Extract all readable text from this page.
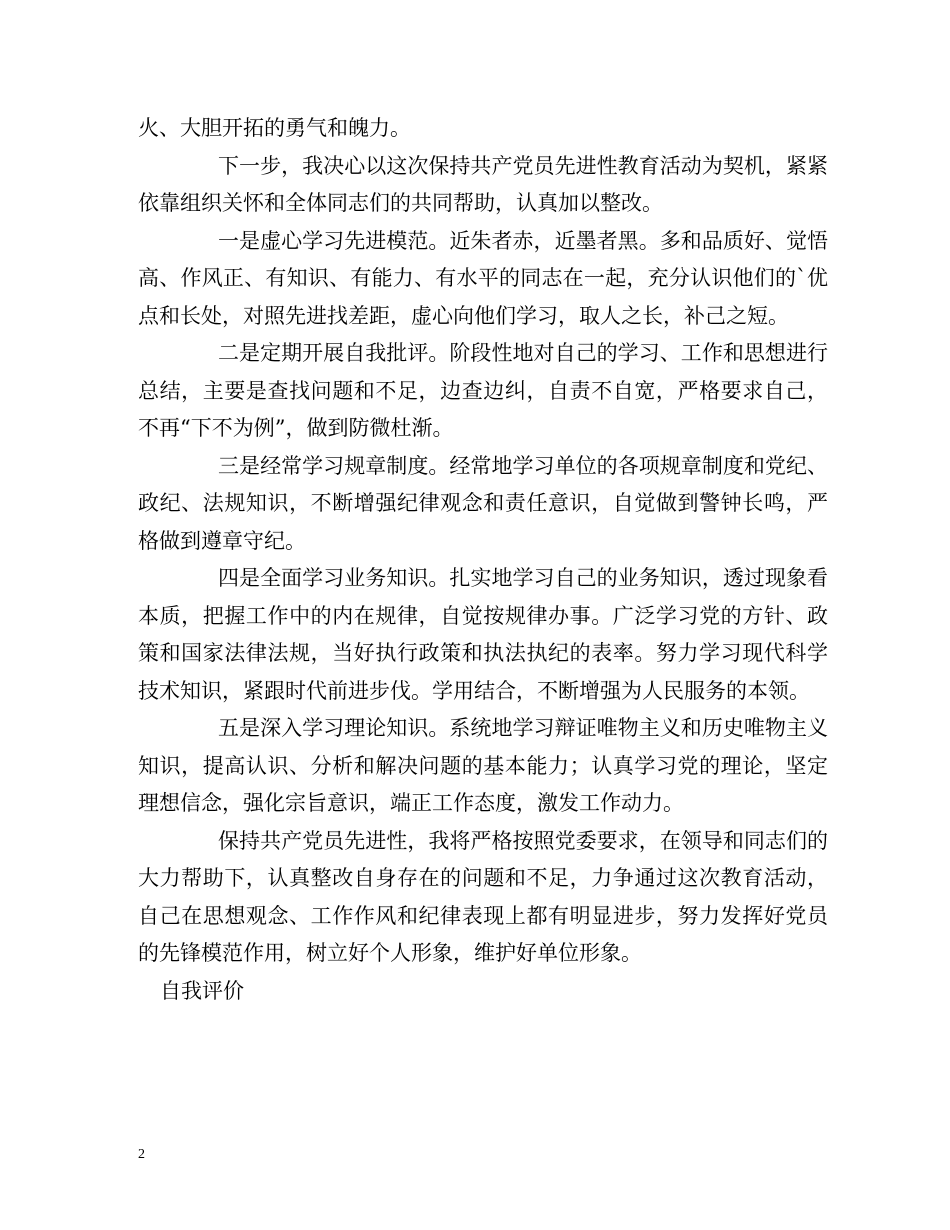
火、大胆开拓的勇气和魄力。

下一步，我决心以这次保持共产党员先进性教育活动为契机，紧紧依靠组织关怀和全体同志们的共同帮助，认真加以整改。

一是虚心学习先进模范。近朱者赤，近墨者黑。多和品质好、觉悟高、作风正、有知识、有能力、有水平的同志在一起，充分认识他们的`优点和长处，对照先进找差距，虚心向他们学习，取人之长，补己之短。

二是定期开展自我批评。阶段性地对自己的学习、工作和思想进行总结，主要是查找问题和不足，边查边纠，自责不自宽，严格要求自己，不再“下不为例”，做到防微杜渐。

三是经常学习规章制度。经常地学习单位的各项规章制度和党纪、政纪、法规知识，不断增强纪律观念和责任意识，自觉做到警钟长鸣，严格做到遵章守纪。

四是全面学习业务知识。扎实地学习自己的业务知识，透过现象看本质，把握工作中的内在规律，自觉按规律办事。广泛学习党的方针、政策和国家法律法规，当好执行政策和执法执纪的表率。努力学习现代科学技术知识，紧跟时代前进步伐。学用结合，不断增强为人民服务的本领。

五是深入学习理论知识。系统地学习辩证唯物主义和历史唯物主义知识，提高认识、分析和解决问题的基本能力；认真学习党的理论，坚定理想信念，强化宗旨意识，端正工作态度，激发工作动力。

保持共产党员先进性，我将严格按照党委要求，在领导和同志们的大力帮助下，认真整改自身存在的问题和不足，力争通过这次教育活动，自己在思想观念、工作作风和纪律表现上都有明显进步，努力发挥好党员的先锋模范作用，树立好个人形象，维护好单位形象。

自我评价

2
